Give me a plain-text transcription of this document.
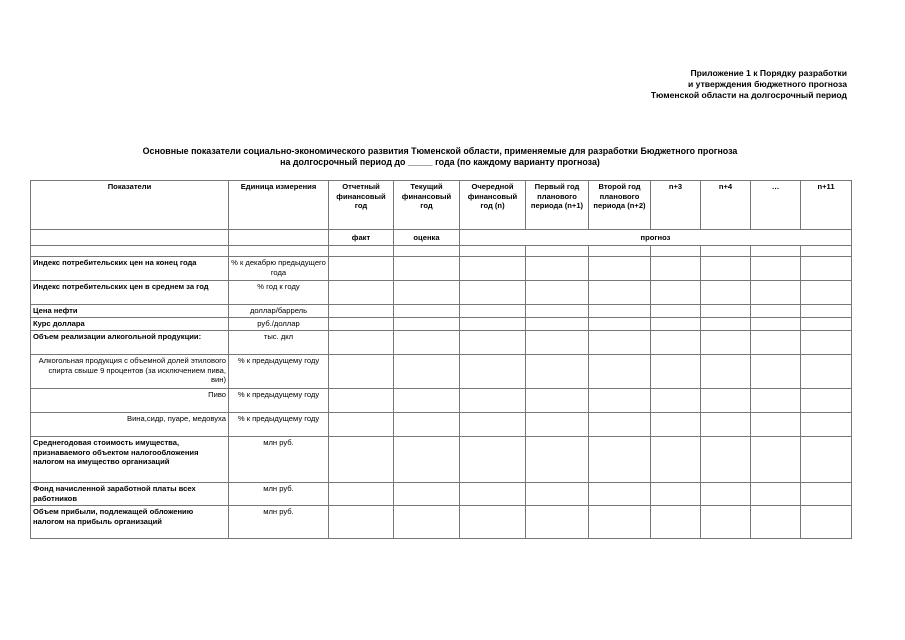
Приложение 1 к Порядку разработки
и утверждения бюджетного прогноза
Тюменской области на долгосрочный период
Основные показатели социально-экономического развития Тюменской области, применяемые для разработки Бюджетного прогноза
на долгосрочный период до _____ года (по каждому варианту прогноза)
Показатели	Единица измерения	Отчетный финансовый год	Текущий финансовый год	Очередной финансовый год (n)	Первый год планового периода (n+1)	Второй год планового периода (n+2)	n+3	n+4	…	n+11
		факт	оценка	прогноз						

Индекс потребительских цен на конец года	% к декабрю предыдущего года									
Индекс потребительских цен в среднем за год	% год к году									
Цена нефти	доллар/баррель									
Курс доллара	руб./доллар									
Объем реализации алкогольной продукции:	тыс. дкл									
Алкогольная продукция с объемной долей этилового спирта свыше 9 процентов (за исключением пива, вин)	% к предыдущему году									
Пиво	% к предыдущему году									
Вина,сидр, пуаре, медовуха	% к предыдущему году									
Среднегодовая стоимость имущества, признаваемого объектом налогообложения налогом на имущество организаций	млн руб.									
Фонд начисленной заработной платы всех работников	млн руб.									
Объем прибыли, подлежащей обложению налогом на прибыль организаций	млн руб.									
